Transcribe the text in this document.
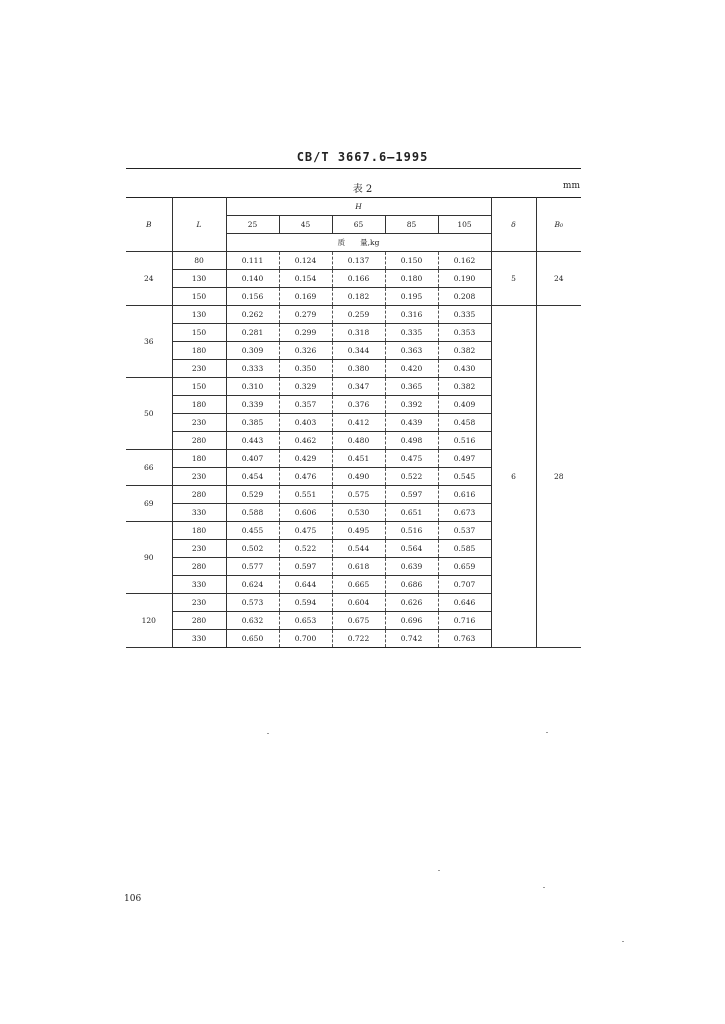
CB/T 3667.6—1995
表 2	mm
B	L	H					δ	B₀
		25	45	65	85	105		
		质　　量,kg						
24	80	0.111	0.124	0.137	0.150	0.162	5	24
	130	0.140	0.154	0.166	0.180	0.190		
	150	0.156	0.169	0.182	0.195	0.208		
36	130	0.262	0.279	0.259	0.316	0.335	6	28
	150	0.281	0.299	0.318	0.335	0.353		
	180	0.309	0.326	0.344	0.363	0.382		
	230	0.333	0.350	0.380	0.420	0.430		
50	150	0.310	0.329	0.347	0.365	0.382		
	180	0.339	0.357	0.376	0.392	0.409		
	230	0.385	0.403	0.412	0.439	0.458		
	280	0.443	0.462	0.480	0.498	0.516		
66	180	0.407	0.429	0.451	0.475	0.497		
	230	0.454	0.476	0.490	0.522	0.545		
69	280	0.529	0.551	0.575	0.597	0.616		
	330	0.588	0.606	0.530	0.651	0.673		
90	180	0.455	0.475	0.495	0.516	0.537		
	230	0.502	0.522	0.544	0.564	0.585		
	280	0.577	0.597	0.618	0.639	0.659		
	330	0.624	0.644	0.665	0.686	0.707		
120	230	0.573	0.594	0.604	0.626	0.646		
	280	0.632	0.653	0.675	0.696	0.716		
	330	0.650	0.700	0.722	0.742	0.763		
106
